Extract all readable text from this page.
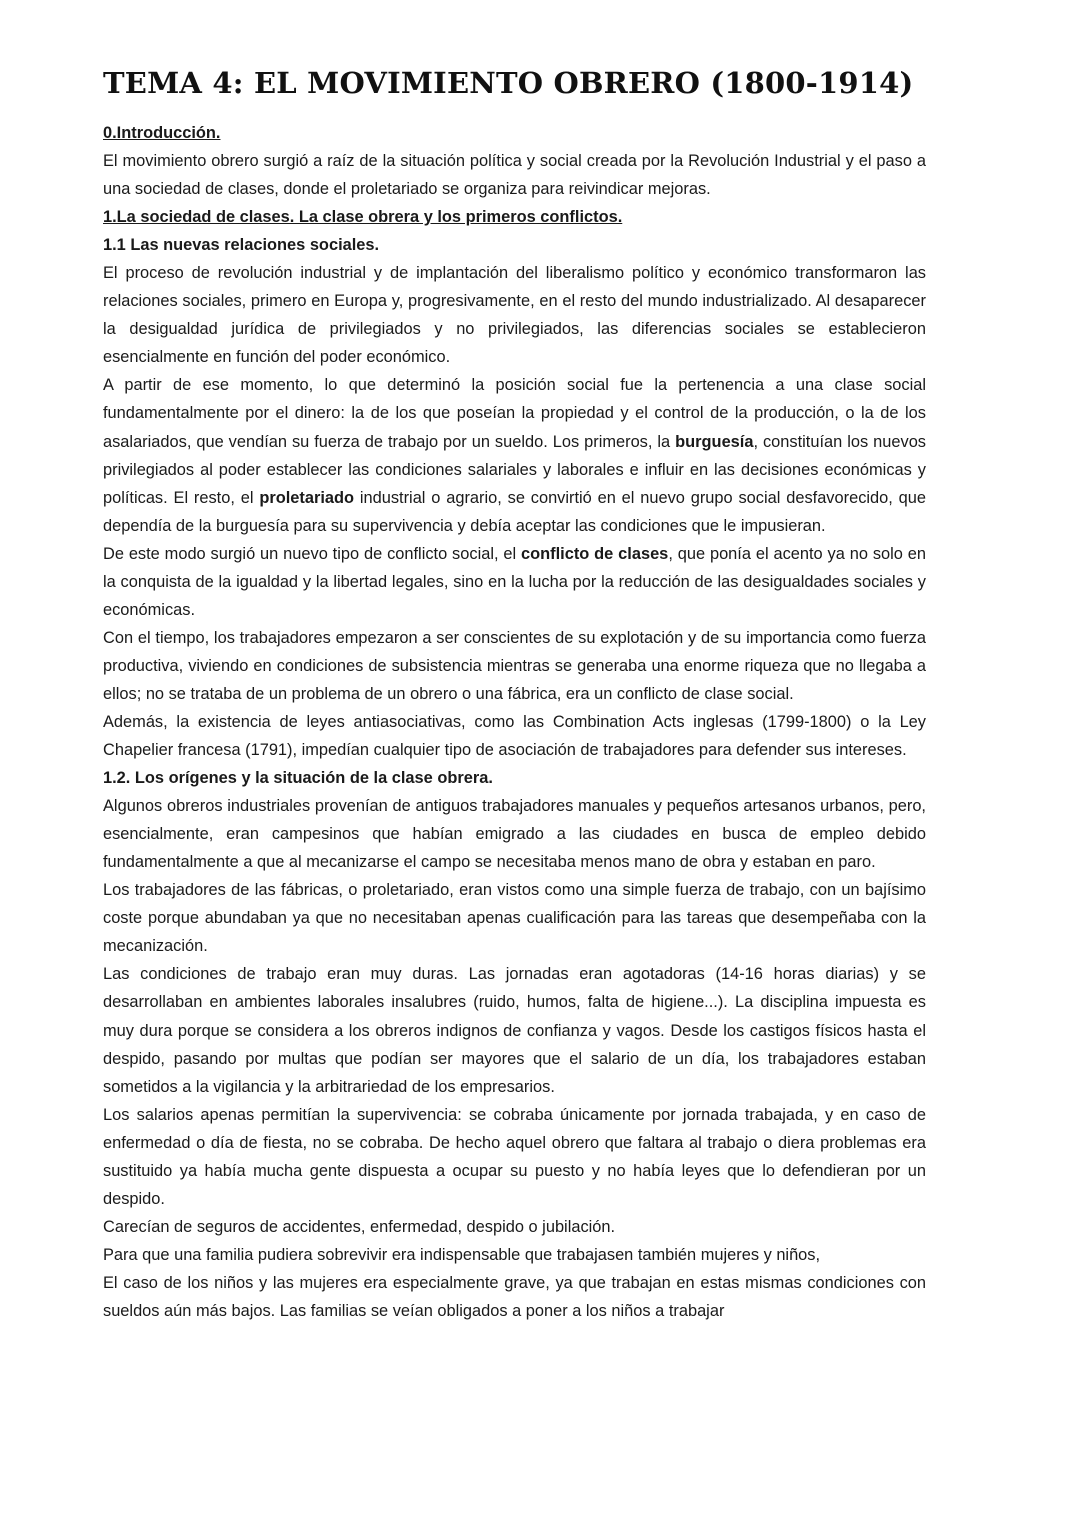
TEMA 4: EL MOVIMIENTO OBRERO (1800-1914)

0.Introducción.

El movimiento obrero surgió a raíz de la situación política y social creada por la Revolución Industrial y el paso a una sociedad de clases, donde el proletariado se organiza para reivindicar mejoras.

1.La sociedad de clases. La clase obrera y los primeros conflictos.

1.1 Las nuevas relaciones sociales.

El proceso de revolución industrial y de implantación del liberalismo político y económico transformaron las relaciones sociales, primero en Europa y, progresivamente, en el resto del mundo industrializado. Al desaparecer la desigualdad jurídica de privilegiados y no privilegiados, las diferencias sociales se establecieron esencialmente en función del poder económico.

A partir de ese momento, lo que determinó la posición social fue la pertenencia a una clase social fundamentalmente por el dinero: la de los que poseían la propiedad y el control de la producción, o la de los asalariados, que vendían su fuerza de trabajo por un sueldo. Los primeros, la burguesía, constituían los nuevos privilegiados al poder establecer las condiciones salariales y laborales e influir en las decisiones económicas y políticas. El resto, el proletariado industrial o agrario, se convirtió en el nuevo grupo social desfavorecido, que dependía de la burguesía para su supervivencia y debía aceptar las condiciones que le impusieran.

De este modo surgió un nuevo tipo de conflicto social, el conflicto de clases, que ponía el acento ya no solo en la conquista de la igualdad y la libertad legales, sino en la lucha por la reducción de las desigualdades sociales y económicas.

Con el tiempo, los trabajadores empezaron a ser conscientes de su explotación y de su importancia como fuerza productiva, viviendo en condiciones de subsistencia mientras se generaba una enorme riqueza que no llegaba a ellos; no se trataba de un problema de un obrero o una fábrica, era un conflicto de clase social.

Además, la existencia de leyes antiasociativas, como las Combination Acts inglesas (1799-1800) o la Ley Chapelier francesa (1791), impedían cualquier tipo de asociación de trabajadores para defender sus intereses.

1.2. Los orígenes y la situación de la clase obrera.

Algunos obreros industriales provenían de antiguos trabajadores manuales y pequeños artesanos urbanos, pero, esencialmente, eran campesinos que habían emigrado a las ciudades en busca de empleo debido fundamentalmente a que al mecanizarse el campo se necesitaba menos mano de obra y estaban en paro.

Los trabajadores de las fábricas, o proletariado, eran vistos como una simple fuerza de trabajo, con un bajísimo coste porque abundaban ya que no necesitaban apenas cualificación para las tareas que desempeñaba con la mecanización.

Las condiciones de trabajo eran muy duras. Las jornadas eran agotadoras (14-16 horas diarias) y se desarrollaban en ambientes laborales insalubres (ruido, humos, falta de higiene...). La disciplina impuesta es muy dura porque se considera a los obreros indignos de confianza y vagos. Desde los castigos físicos hasta el despido, pasando por multas que podían ser mayores que el salario de un día, los trabajadores estaban sometidos a la vigilancia y la arbitrariedad de los empresarios.

Los salarios apenas permitían la supervivencia: se cobraba únicamente por jornada trabajada, y en caso de enfermedad o día de fiesta, no se cobraba. De hecho aquel obrero que faltara al trabajo o diera problemas era sustituido ya había mucha gente dispuesta a ocupar su puesto y no había leyes que lo defendieran por un despido.

Carecían de seguros de accidentes, enfermedad, despido o jubilación.

Para que una familia pudiera sobrevivir era indispensable que trabajasen también mujeres y niños,

El caso de los niños y las mujeres era especialmente grave, ya que trabajan en estas mismas condiciones con sueldos aún más bajos. Las familias se veían obligados a poner a los niños a trabajar
